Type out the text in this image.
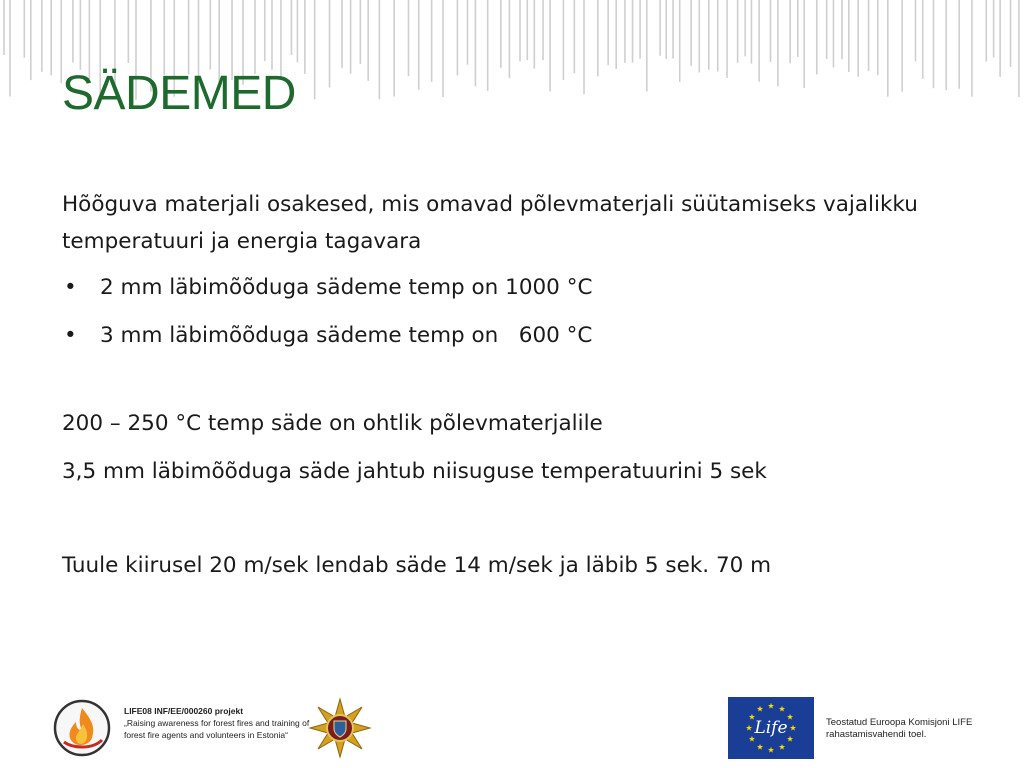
SÄDEMED

Hõõguva materjali osakesed, mis omavad põlevmaterjali süütamiseks vajalikku temperatuuri ja energia tagavara

• 2 mm läbimõõduga sädeme temp on 1000 °C
• 3 mm läbimõõduga sädeme temp on   600 °C

200 – 250 °C temp säde on ohtlik põlevmaterjalile

3,5 mm läbimõõduga säde jahtub niisuguse temperatuurini 5 sek

Tuule kiirusel 20 m/sek lendab säde 14 m/sek ja läbib 5 sek. 70 m

LIFE08 INF/EE/000260 projekt
„Raising awareness for forest fires and training of forest fire agents and volunteers in Estonia“	Life	Teostatud Euroopa Komisjoni LIFE rahastamisvahendi toel.
